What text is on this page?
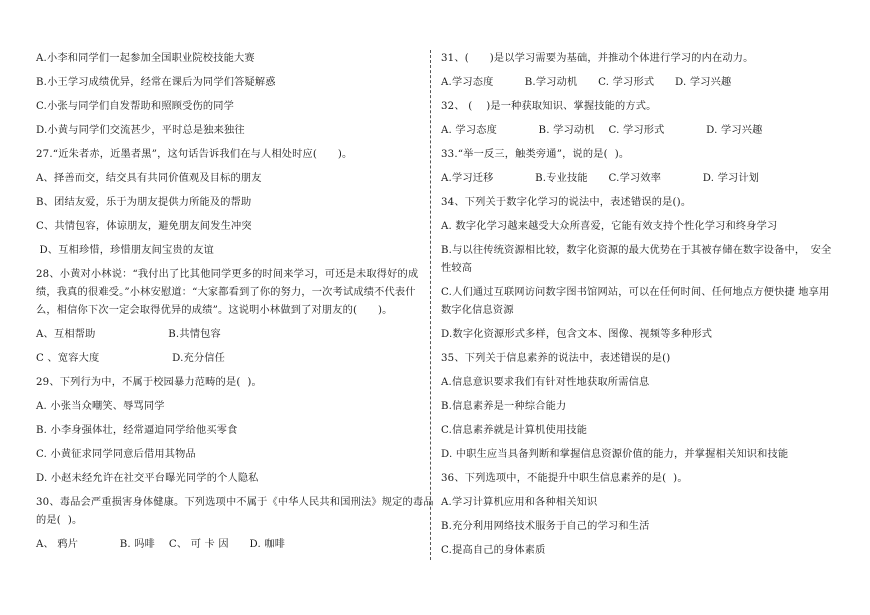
A.小李和同学们一起参加全国职业院校技能大赛
B.小王学习成绩优异，经常在课后为同学们答疑解惑
C.小张与同学们自发帮助和照顾受伤的同学
D.小黄与同学们交流甚少，平时总是独来独往
27.“近朱者赤，近墨者黑”，这句话告诉我们在与人相处时应(　　)。
A、择善而交，结交具有共同价值观及目标的朋友
B、团结友爱，乐于为朋友提供力所能及的帮助
C、共情包容，体谅朋友，避免朋友间发生冲突
D、互相珍惜，珍惜朋友间宝贵的友谊
28、小黄对小林说：“我付出了比其他同学更多的时间来学习，可还是未取得好的成
绩，我真的很难受。”小林安慰道：“大家都看到了你的努力，一次考试成绩不代表什
么，相信你下次一定会取得优异的成绩”。这说明小林做到了对朋友的(　　)。
A、互相帮助　　　　　　　B.共情包容
C 、宽容大度　　　　　　　D.充分信任
29、下列行为中，不属于校园暴力范畴的是(  )。
A. 小张当众嘲笑、辱骂同学
B. 小李身强体壮，经常逼迫同学给他买零食
C. 小黄征求同学同意后借用其物品
D. 小赵未经允许在社交平台曝光同学的个人隐私
30、毒品会严重损害身体健康。下列选项中不属于《中华人民共和国刑法》规定的毒品
的是(  )。
A、 鸦片　　　　B. 吗啡　 C、 可 卡 因　　D. 咖啡
31、(　　)是以学习需要为基础，并推动个体进行学习的内在动力。
A.学习态度　　　B.学习动机　　C. 学习形式　　D. 学习兴趣
32、 (　 )是一种获取知识、掌握技能的方式。
A. 学习态度　　　　B. 学习动机　 C. 学习形式　　　　D. 学习兴趣
33.“举一反三，触类旁通”，说的是(  )。
A.学习迁移　　　　B.专业技能　　C.学习效率　　　　D. 学习计划
34、下列关于数字化学习的说法中，表述错误的是()。
A. 数字化学习越来越受大众所喜爱，它能有效支持个性化学习和终身学习
B.与以往传统资源相比较，数字化资源的最大优势在于其被存储在数字设备中，　安全
性较高
C.人们通过互联网访问数字图书馆网站，可以在任何时间、任何地点方便快捷 地享用
数字化信息资源
D.数字化资源形式多样，包含文本、图像、视频等多种形式
35、下列关于信息素养的说法中，表述错误的是()
A.信息意识要求我们有针对性地获取所需信息
B.信息素养是一种综合能力
C.信息素养就是计算机使用技能
D. 中职生应当具备判断和掌握信息资源价值的能力，并掌握相关知识和技能
36、下列选项中，不能提升中职生信息素养的是(  )。
A.学习计算机应用和各种相关知识
B.充分利用网络技术服务于自己的学习和生活
C.提高自己的身体素质
